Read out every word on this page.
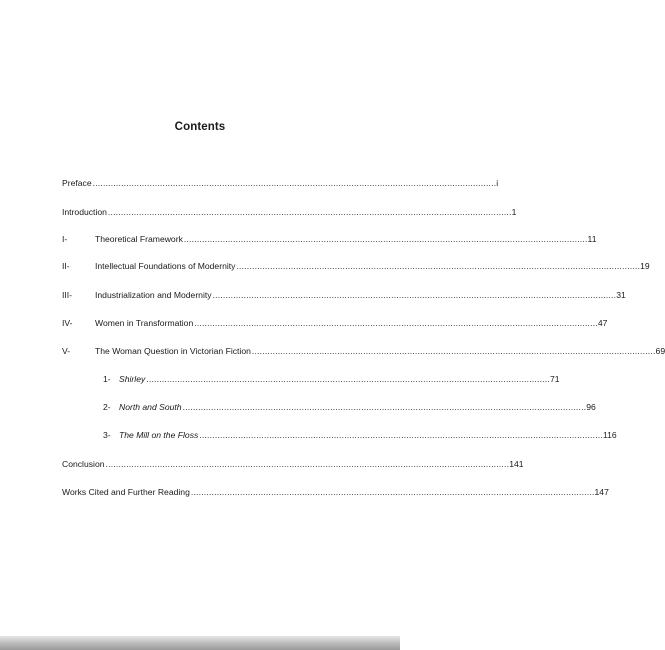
Contents
Preface ............................................................................................................................................................ i
Introduction ............................................................................................................................................................ 1
I-	Theoretical Framework ............................................................................................................................................................ 11
II-	Intellectual Foundations of Modernity ............................................................................................................................................................ 19
III-	Industrialization and Modernity ............................................................................................................................................................ 31
IV-	Women in Transformation ............................................................................................................................................................ 47
V-	The Woman Question in Victorian Fiction ............................................................................................................................................................ 69
1- Shirley ............................................................................................................................................................ 71
2- North and South ............................................................................................................................................................ 96
3- The Mill on the Floss ............................................................................................................................................................ 116
Conclusion ............................................................................................................................................................ 141
Works Cited and Further Reading ............................................................................................................................................................ 147
